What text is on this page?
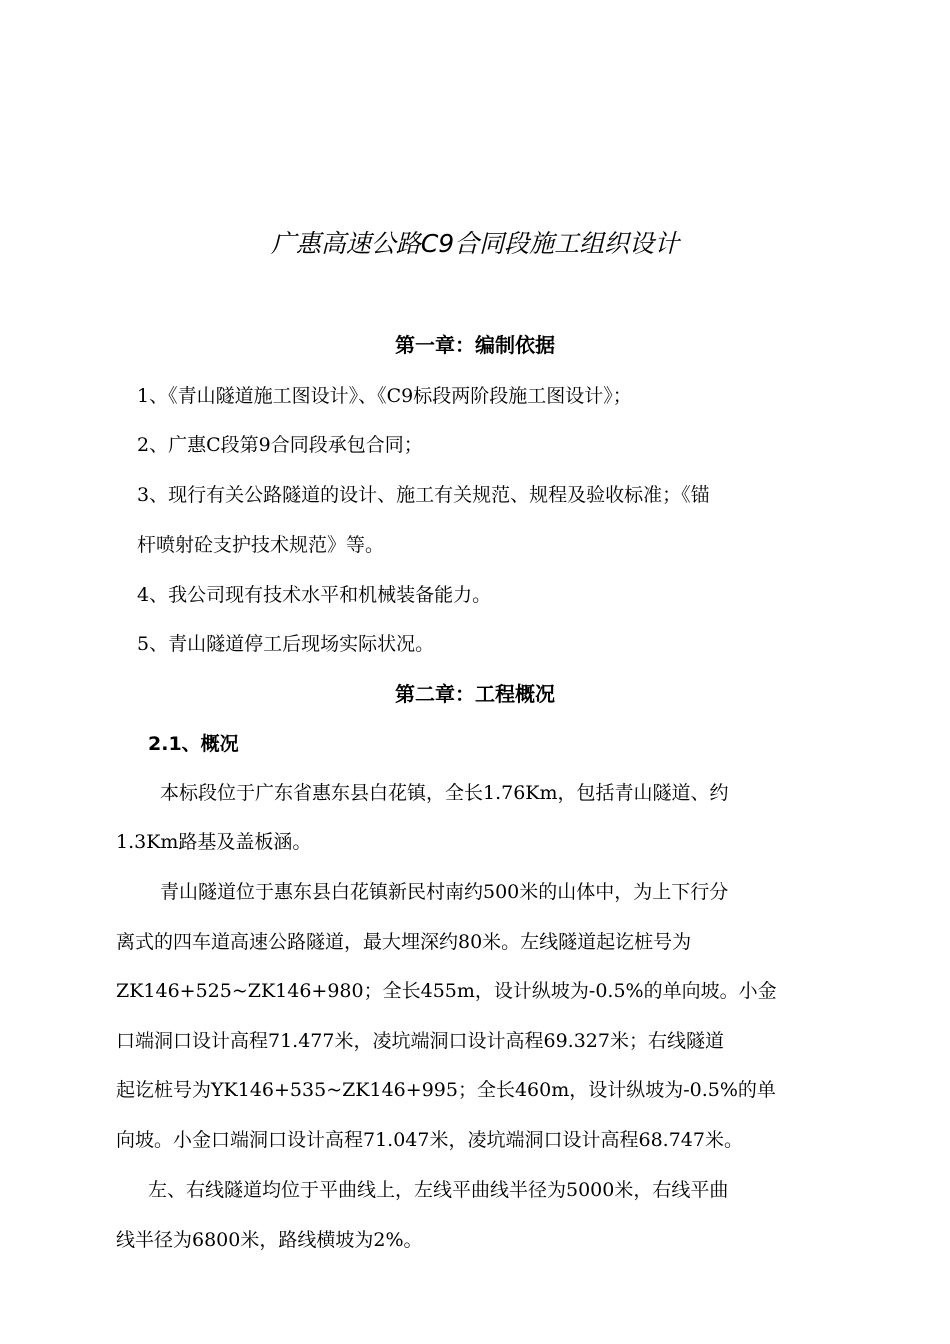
广惠高速公路C9合同段施工组织设计
第一章：编制依据
1、《青山隧道施工图设计》、《C9标段两阶段施工图设计》；
2、广惠C段第9合同段承包合同；
3、现行有关公路隧道的设计、施工有关规范、规程及验收标准；《锚
杆喷射砼支护技术规范》等。
4、我公司现有技术水平和机械装备能力。
5、青山隧道停工后现场实际状况。
第二章：工程概况
2.1、概况
本标段位于广东省惠东县白花镇，全长1.76Km，包括青山隧道、约
1.3Km路基及盖板涵。
青山隧道位于惠东县白花镇新民村南约500米的山体中，为上下行分
离式的四车道高速公路隧道，最大埋深约80米。左线隧道起讫桩号为
ZK146+525~ZK146+980；全长455m，设计纵坡为-0.5%的单向坡。小金
口端洞口设计高程71.477米，凌坑端洞口设计高程69.327米；右线隧道
起讫桩号为YK146+535~ZK146+995；全长460m，设计纵坡为-0.5%的单
向坡。小金口端洞口设计高程71.047米，凌坑端洞口设计高程68.747米。
左、右线隧道均位于平曲线上，左线平曲线半径为5000米，右线平曲
线半径为6800米，路线横坡为2%。
